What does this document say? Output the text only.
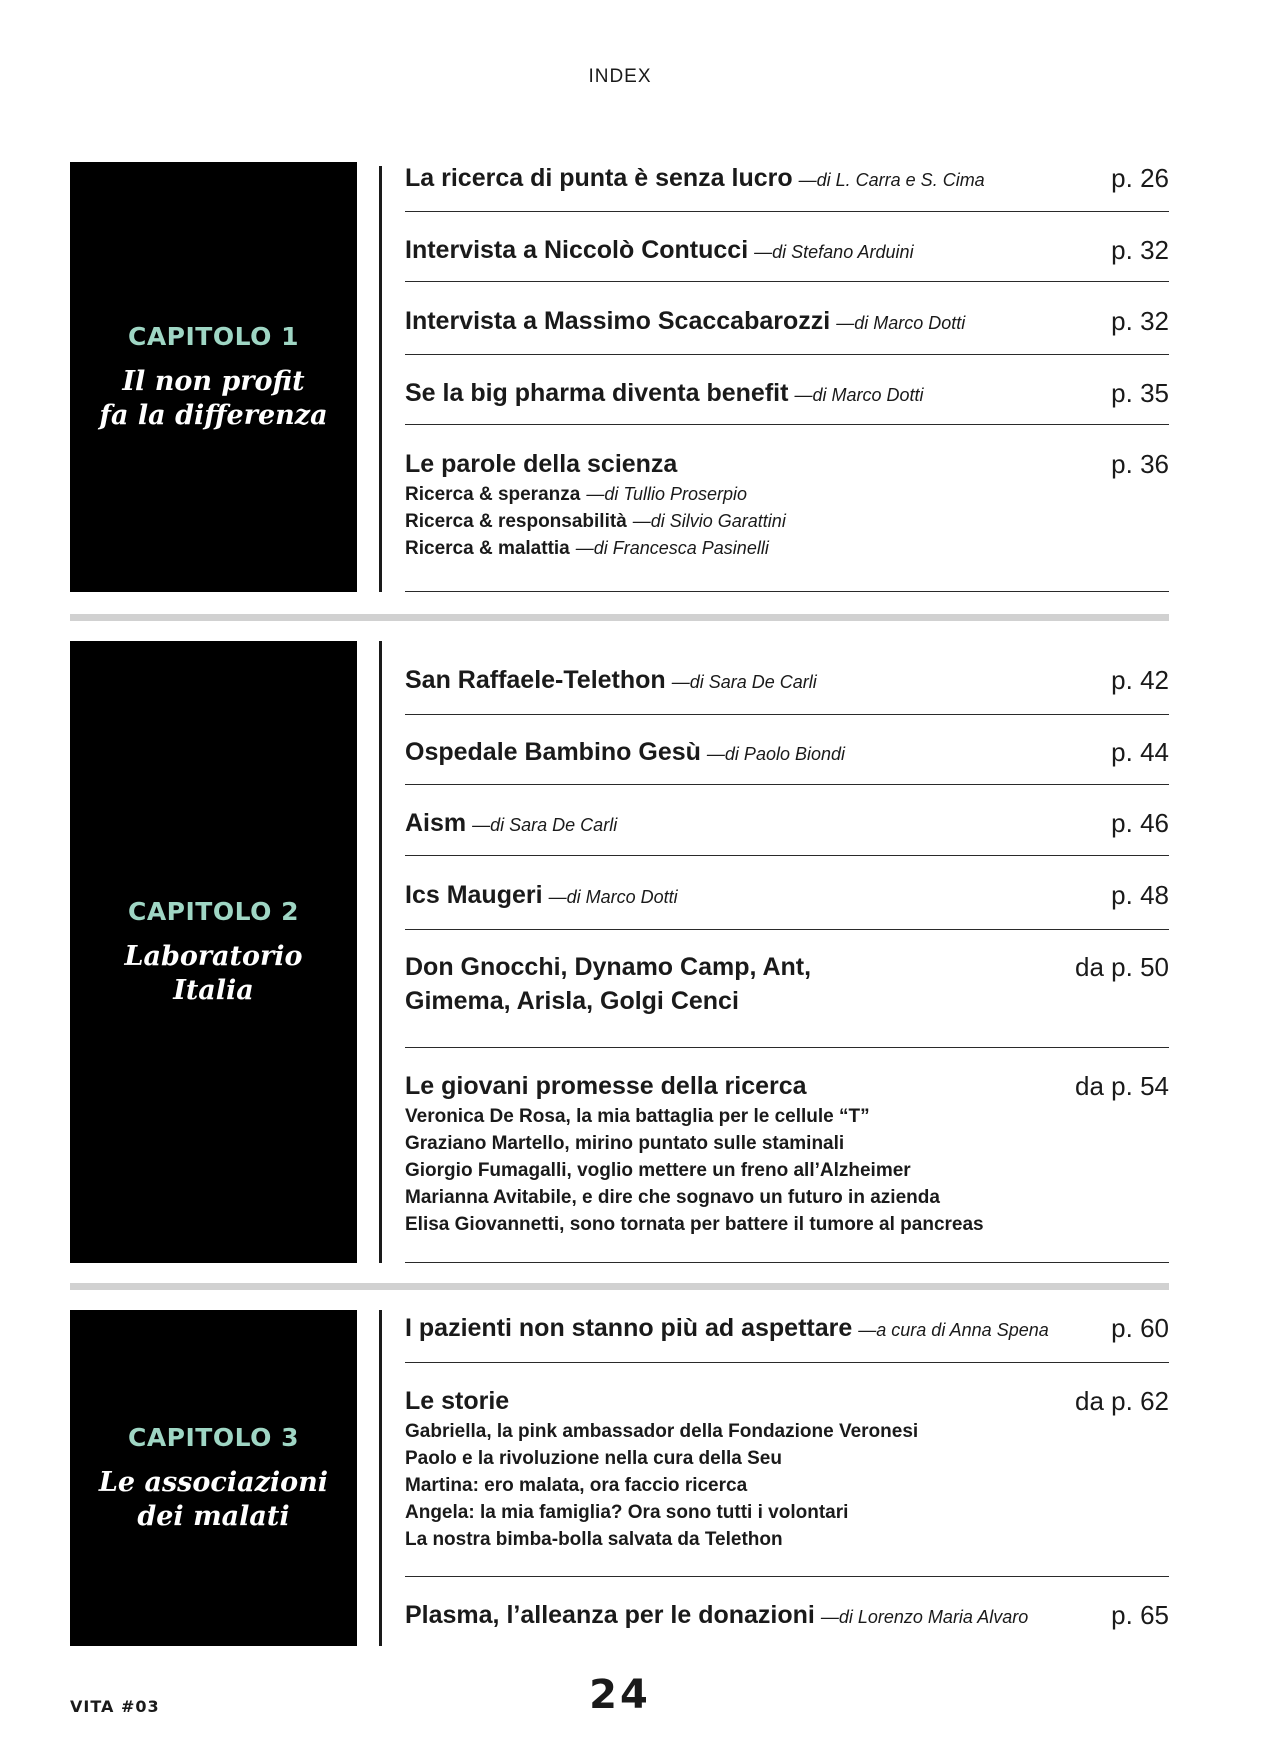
INDEX
CAPITOLO 1
Il non profit
fa la differenza
La ricerca di punta è senza lucro —di L. Carra e S. Cima	p. 26
Intervista a Niccolò Contucci —di Stefano Arduini	p. 32
Intervista a Massimo Scaccabarozzi —di Marco Dotti	p. 32
Se la big pharma diventa benefit —di Marco Dotti	p. 35
Le parole della scienza	p. 36
Ricerca & speranza —di Tullio Proserpio
Ricerca & responsabilità —di Silvio Garattini
Ricerca & malattia —di Francesca Pasinelli
CAPITOLO 2
Laboratorio
Italia
San Raffaele-Telethon —di Sara De Carli	p. 42
Ospedale Bambino Gesù —di Paolo Biondi	p. 44
Aism —di Sara De Carli	p. 46
Ics Maugeri —di Marco Dotti	p. 48
Don Gnocchi, Dynamo Camp, Ant,
Gimema, Arisla, Golgi Cenci
da p. 50
Le giovani promesse della ricerca	da p. 54
Veronica De Rosa, la mia battaglia per le cellule “T”
Graziano Martello, mirino puntato sulle staminali
Giorgio Fumagalli, voglio mettere un freno all’Alzheimer
Marianna Avitabile, e dire che sognavo un futuro in azienda
Elisa Giovannetti, sono tornata per battere il tumore al pancreas
CAPITOLO 3
Le associazioni
dei malati
I pazienti non stanno più ad aspettare —a cura di Anna Spena p. 60
Le storie	da p. 62
Gabriella, la pink ambassador della Fondazione Veronesi
Paolo e la rivoluzione nella cura della Seu
Martina: ero malata, ora faccio ricerca
Angela: la mia famiglia? Ora sono tutti i volontari
La nostra bimba-bolla salvata da Telethon
Plasma, l’alleanza per le donazioni —di Lorenzo Maria Alvaro	p. 65
VITA #03	24
